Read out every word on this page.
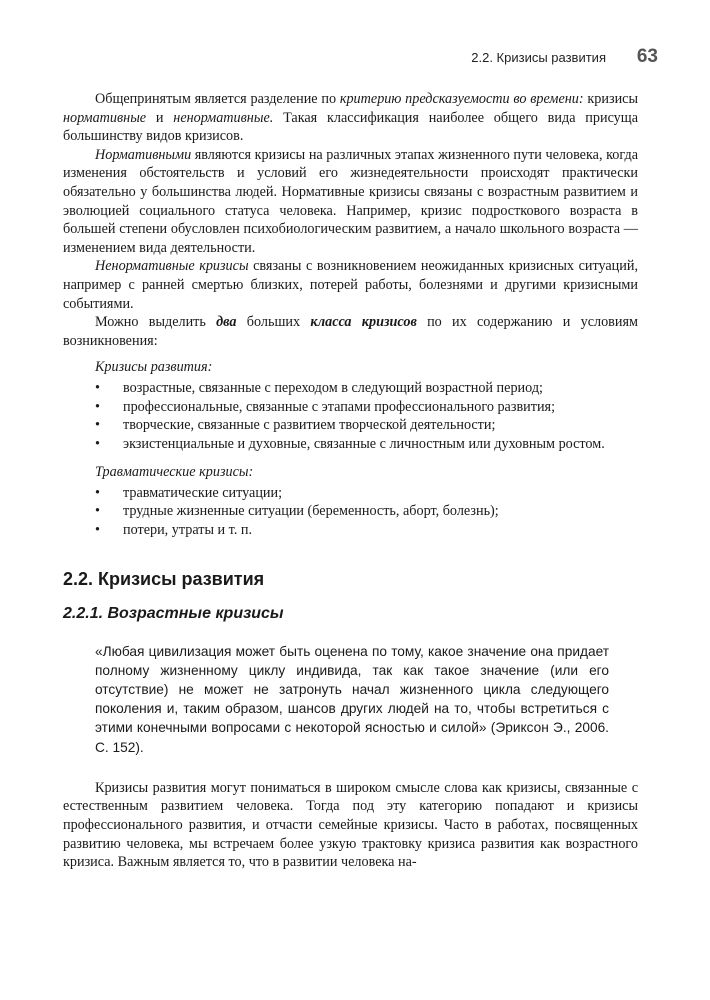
2.2. Кризисы развития 63

Общепринятым является разделение по критерию предсказуемости во времени: кризисы нормативные и ненормативные. Такая классификация наиболее общего вида присуща большинству видов кризисов.

Нормативными являются кризисы на различных этапах жизненного пути человека, когда изменения обстоятельств и условий его жизнедеятельности происходят практически обязательно у большинства людей. Нормативные кризисы связаны с возрастным развитием и эволюцией социального статуса человека. Например, кризис подросткового возраста в большей степени обусловлен психобиологическим развитием, а начало школьного возраста — изменением вида деятельности.

Ненормативные кризисы связаны с возникновением неожиданных кризисных ситуаций, например с ранней смертью близких, потерей работы, болезнями и другими кризисными событиями.

Можно выделить два больших класса кризисов по их содержанию и условиям возникновения:

Кризисы развития:
• возрастные, связанные с переходом в следующий возрастной период;
• профессиональные, связанные с этапами профессионального развития;
• творческие, связанные с развитием творческой деятельности;
• экзистенциальные и духовные, связанные с личностным или духовным ростом.
Травматические кризисы:
• травматические ситуации;
• трудные жизненные ситуации (беременность, аборт, болезнь);
• потери, утраты и т. п.
2.2. Кризисы развития
2.2.1. Возрастные кризисы
«Любая цивилизация может быть оценена по тому, какое значение она придает полному жизненному циклу индивида, так как такое значение (или его отсутствие) не может не затронуть начал жизненного цикла следующего поколения и, таким образом, шансов других людей на то, чтобы встретиться с этими конечными вопросами с некоторой ясностью и силой» (Эриксон Э., 2006. С. 152).

Кризисы развития могут пониматься в широком смысле слова как кризисы, связанные с естественным развитием человека. Тогда под эту категорию попадают и кризисы профессионального развития, и отчасти семейные кризисы. Часто в работах, посвященных развитию человека, мы встречаем более узкую трактовку кризиса развития как возрастного кризиса. Важным является то, что в развитии человека на-
